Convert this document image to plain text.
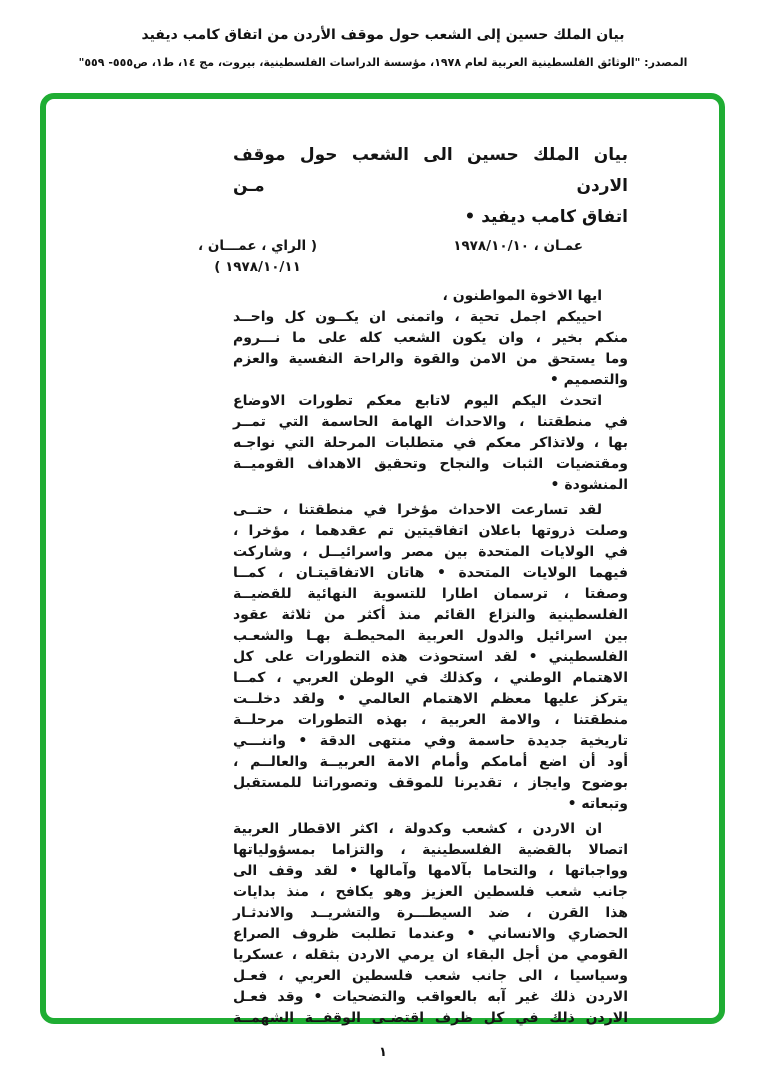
بيان الملك حسين إلى الشعب حول موقف الأردن من اتفاق كامب ديفيد
المصدر: "الوثائق الفلسطينية العربية لعام ١٩٧٨، مؤسسة الدراسات الفلسطينية، بيروت، مج ١٤، ط١، ص٥٥٥- ٥٥٩"
بيان الملك حسين الى الشعب حول موقف الاردن مـن
اتفاق كامب ديفيد •
عمـان ، ١٩٧٨/١٠/١٠
( الراي ، عمـــان ،
١٩٧٨/١٠/١١ )
ايها الاخوة المواطنون ،
احييكم اجمل تحية ، واتمنى ان يكــون كل واحــد
منكم بخير ، وان يكون الشعب كله على ما نـــروم
وما يستحق من الامن والقوة والراحة النفسية والعزم
والتصميم •
اتحدث اليكم اليوم لاتابع معكم تطورات الاوضاع
في منطقتنا ، والاحداث الهامة الحاسمة التي تمــر
بها ، ولاتذاكر معكم في متطلبات المرحلة التي نواجـه
ومقتضيات الثبات والنجاح وتحقيق الاهداف القوميــة
المنشودة •
لقد تسارعت الاحداث مؤخرا في منطقتنا ، حتــى
وصلت ذروتها باعلان اتفاقيتين تم عقدهما ، مؤخرا ،
في الولايات المتحدة بين مصر واسرائيــل ، وشاركت
فيهما الولايات المتحدة • هاتان الاتفاقيتـان ، كمــا
وصفتا ، ترسمان اطارا للتسوية النهائية للقضيــة
الفلسطينية والنزاع القائم منذ أكثر من ثلاثة عقود
بين اسرائيل والدول العربية المحيطـة بهـا والشعـب
الفلسطيني • لقد استحوذت هذه التطورات على كل
الاهتمام الوطني ، وكذلك في الوطن العربي ، كمــا
يتركز عليها معظم الاهتمام العالمي • ولقد دخلــت
منطقتنا ، والامة العربية ، بهذه التطورات مرحلــة
تاريخية جديدة حاسمة وفي منتهى الدقة • واننـــي
أود أن اضع أمامكم وأمام الامة العربيــة والعالــم ،
بوضوح وايجاز ، تقديرنا للموقف وتصوراتنا للمستقبل
وتبعاته •
ان الاردن ، كشعب وكدولة ، اكثر الاقطار العربية
اتصالا بالقضية الفلسطينية ، والتزاما بمسؤولياتها
وواجباتها ، والتحاما بآلامها وآمالها • لقد وقف الى
جانب شعب فلسطين العزيز وهو يكافح ، منذ بدايات
هذا القرن ، ضد السيطـــرة والتشريــد والاندثـار
الحضاري والانساني • وعندما تطلبت ظروف الصراع
القومي من أجل البقاء ان يرمي الاردن بثقله ، عسكريا
وسياسيا ، الى جانب شعب فلسطين العربي ، فعـل
الاردن ذلك غير آبه بالعواقب والتضحيات • وقد فعـل
الاردن ذلك في كل ظرف اقتضـى الوقفــة الشهمــة
١
